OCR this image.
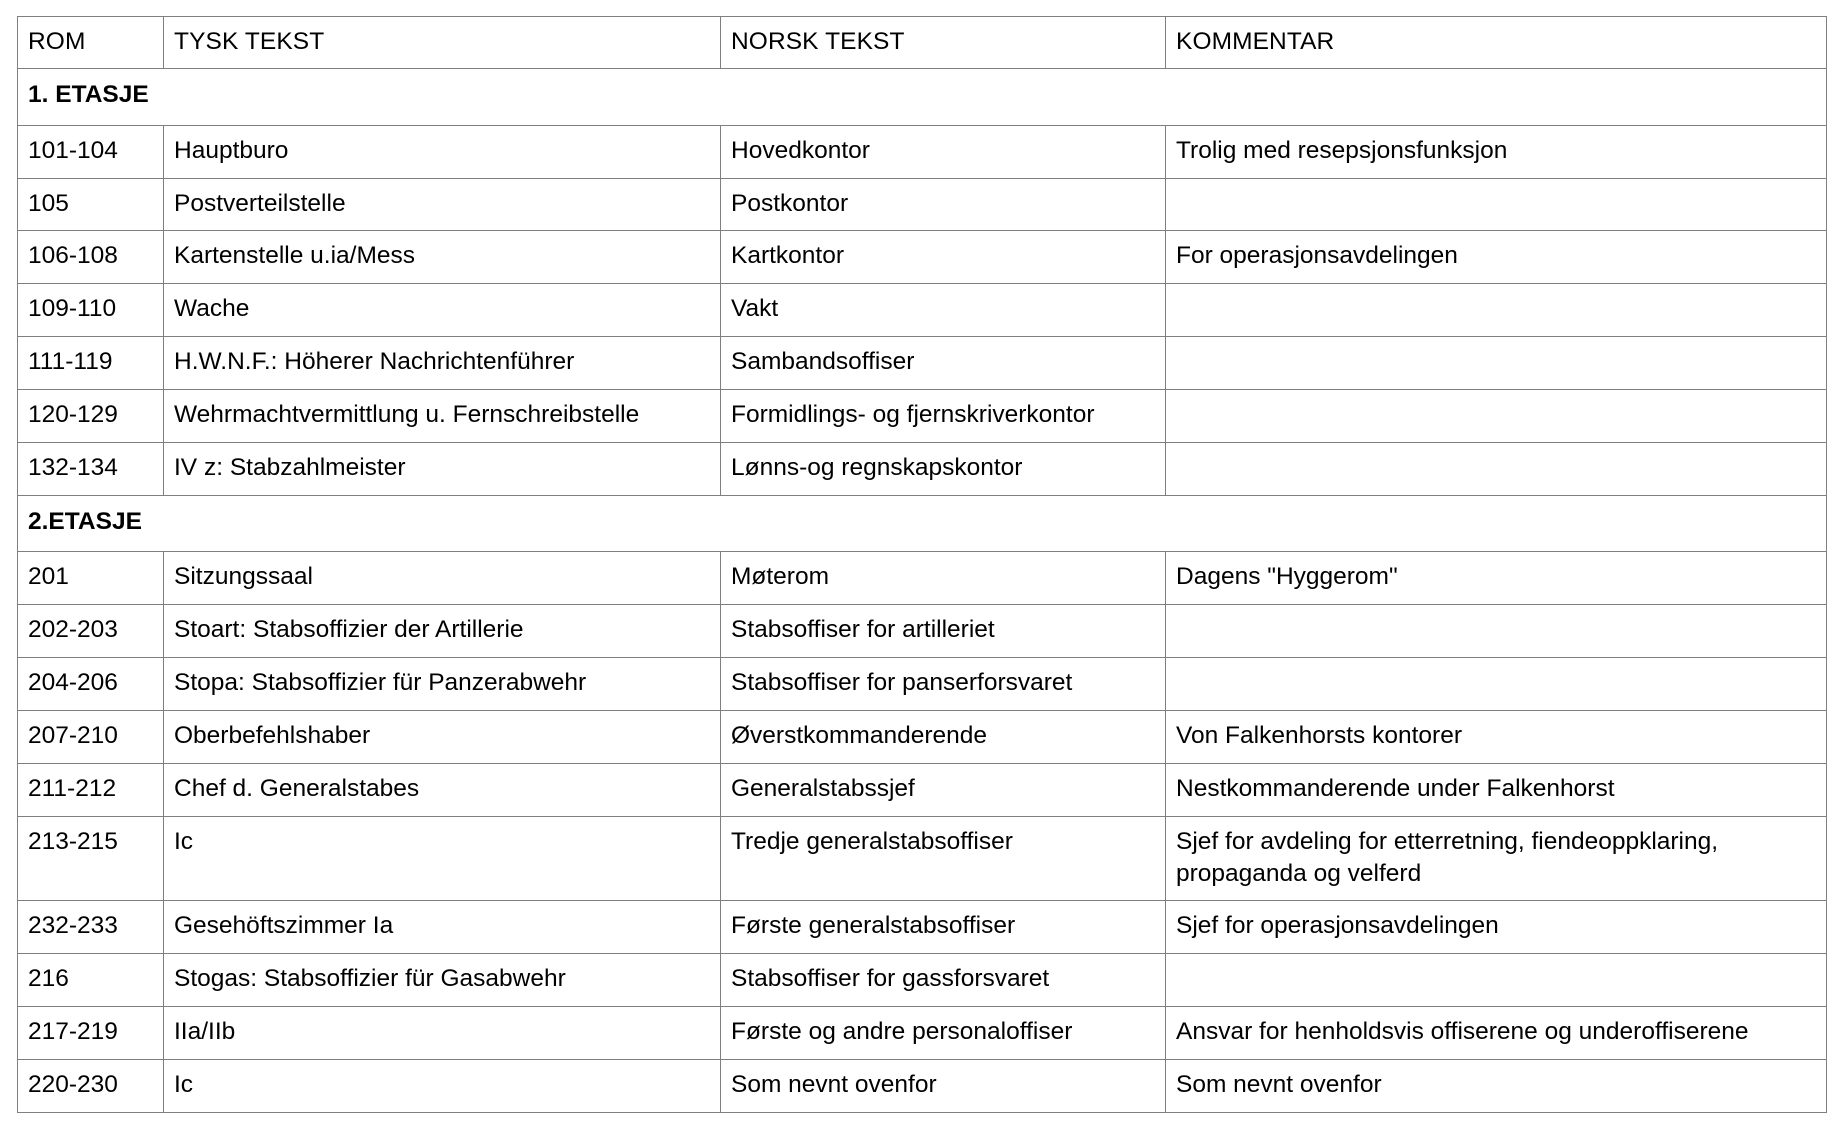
ROM	TYSK TEKST	NORSK TEKST	KOMMENTAR
1. ETASJE			
101-104	Hauptburo	Hovedkontor	Trolig med resepsjonsfunksjon
105	Postverteilstelle	Postkontor	
106-108	Kartenstelle u.ia/Mess	Kartkontor	For operasjonsavdelingen
109-110	Wache	Vakt	
111-119	H.W.N.F.: Höherer Nachrichtenführer	Sambandsoffiser	
120-129	Wehrmachtvermittlung u. Fernschreibstelle	Formidlings- og fjernskriverkontor	
132-134	IV z: Stabzahlmeister	Lønns-og regnskapskontor	
2.ETASJE			
201	Sitzungssaal	Møterom	Dagens "Hyggerom"
202-203	Stoart: Stabsoffizier der Artillerie	Stabsoffiser for artilleriet	
204-206	Stopa: Stabsoffizier für Panzerabwehr	Stabsoffiser for panserforsvaret	
207-210	Oberbefehlshaber	Øverstkommanderende	Von Falkenhorsts kontorer
211-212	Chef d. Generalstabes	Generalstabssjef	Nestkommanderende under Falkenhorst
213-215	Ic	Tredje generalstabsoffiser	Sjef for avdeling for etterretning, fiendeoppklaring, propaganda og velferd
232-233	Gesehöftszimmer Ia	Første generalstabsoffiser	Sjef for operasjonsavdelingen
216	Stogas: Stabsoffizier für Gasabwehr	Stabsoffiser for gassforsvaret	
217-219	IIa/IIb	Første og andre personaloffiser	Ansvar for henholdsvis offiserene og underoffiserene
220-230	Ic	Som nevnt ovenfor	Som nevnt ovenfor
